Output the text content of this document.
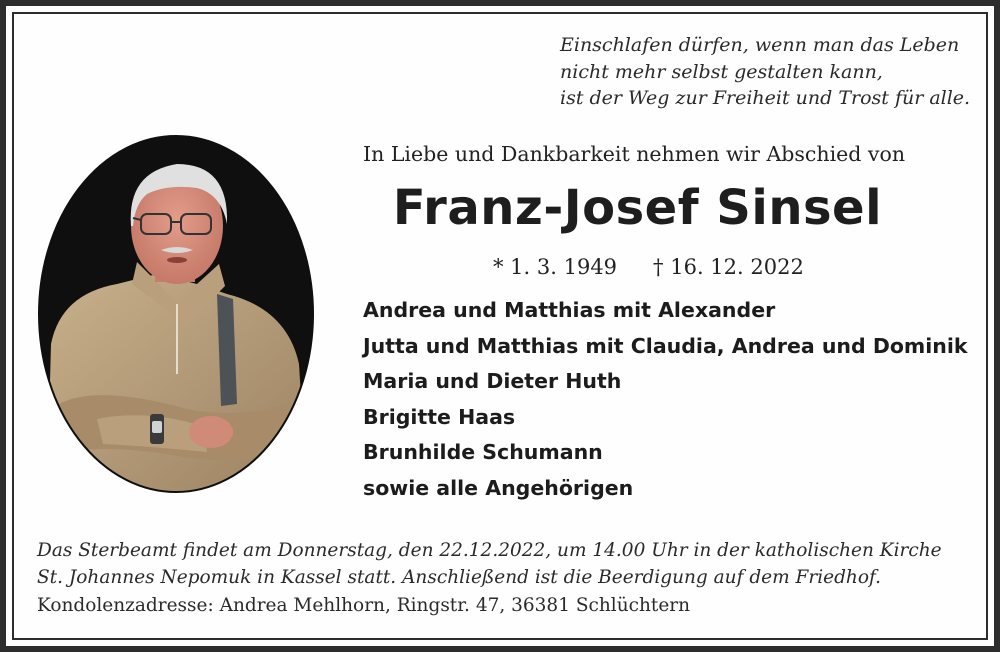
Einschlafen dürfen, wenn man das Leben
nicht mehr selbst gestalten kann,
ist der Weg zur Freiheit und Trost für alle.
In Liebe und Dankbarkeit nehmen wir Abschied von
Franz-Josef Sinsel
* 1. 3. 1949 † 16. 12. 2022
Andrea und Matthias mit Alexander
Jutta und Matthias mit Claudia, Andrea und Dominik
Maria und Dieter Huth
Brigitte Haas
Brunhilde Schumann
sowie alle Angehörigen
Das Sterbeamt findet am Donnerstag, den 22.12.2022, um 14.00 Uhr in der katholischen Kirche
St. Johannes Nepomuk in Kassel statt. Anschließend ist die Beerdigung auf dem Friedhof.
Kondolenzadresse: Andrea Mehlhorn, Ringstr. 47, 36381 Schlüchtern
